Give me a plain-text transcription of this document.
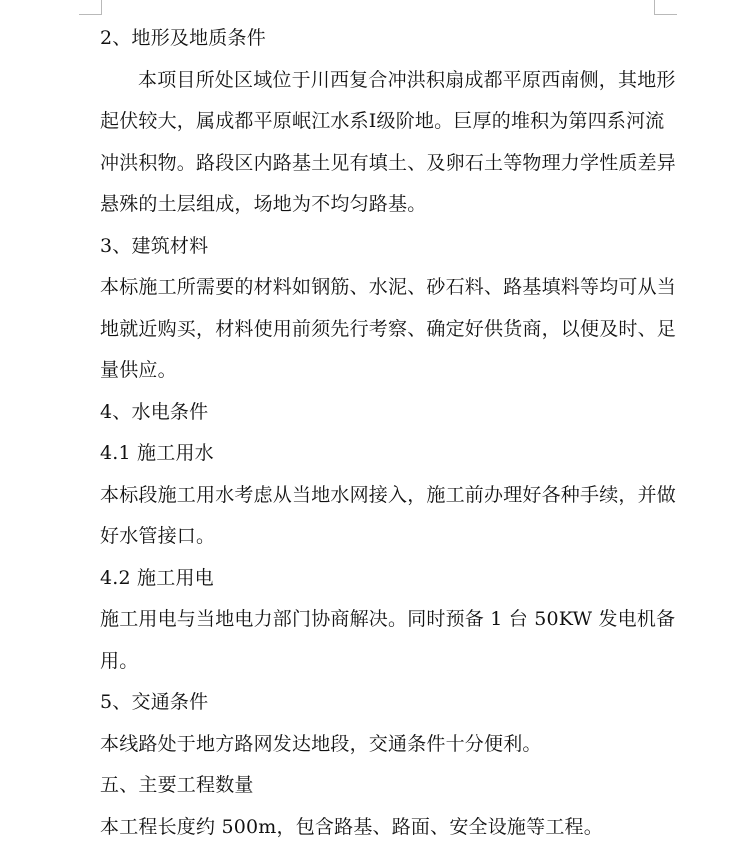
2、地形及地质条件
本项目所处区域位于川西复合冲洪积扇成都平原西南侧，其地形
起伏较大，属成都平原岷江水系Ⅰ级阶地。巨厚的堆积为第四系河流
冲洪积物。路段区内路基土见有填土、及卵石土等物理力学性质差异
悬殊的土层组成，场地为不均匀路基。
3、建筑材料
本标施工所需要的材料如钢筋、水泥、砂石料、路基填料等均可从当
地就近购买，材料使用前须先行考察、确定好供货商，以便及时、足
量供应。
4、水电条件
4.1 施工用水
本标段施工用水考虑从当地水网接入，施工前办理好各种手续，并做
好水管接口。
4.2 施工用电
施工用电与当地电力部门协商解决。同时预备 1 台 50KW 发电机备
用。
5、交通条件
本线路处于地方路网发达地段，交通条件十分便利。
五、主要工程数量
本工程长度约 500m，包含路基、路面、安全设施等工程。
